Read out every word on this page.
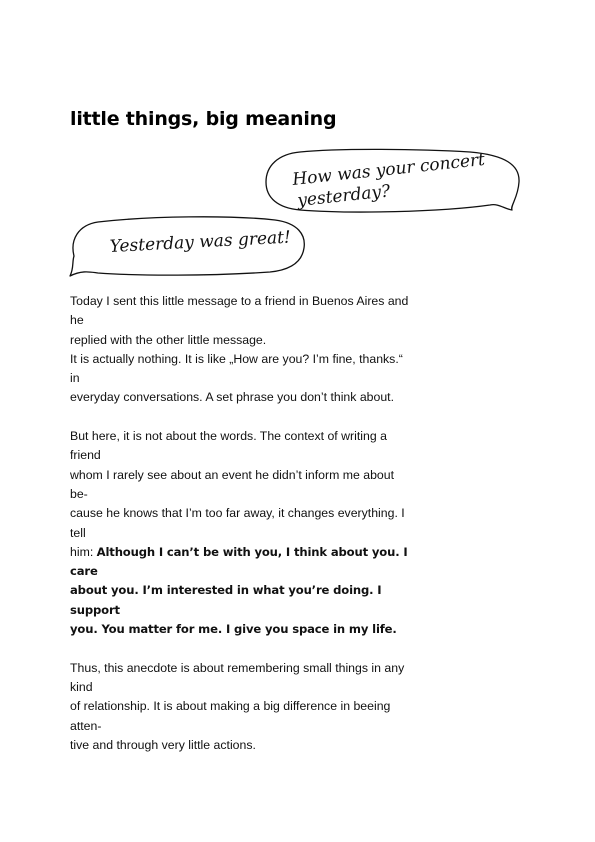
little things, big meaning
How was your concert
yesterday?
Yesterday was great!

Today I sent this little message to a friend in Buenos Aires and he
replied with the other little message.
It is actually nothing. It is like „How are you? I’m fine, thanks.“ in
everyday conversations. A set phrase you don’t think about.

But here, it is not about the words. The context of writing a friend
whom I rarely see about an event he didn’t inform me about be-
cause he knows that I’m too far away, it changes everything. I tell
him: Although I can’t be with you, I think about you. I care
about you. I’m interested in what you’re doing. I support
you. You matter for me. I give you space in my life.

Thus, this anecdote is about remembering small things in any kind
of relationship. It is about making a big difference in beeing atten-
tive and through very little actions.
